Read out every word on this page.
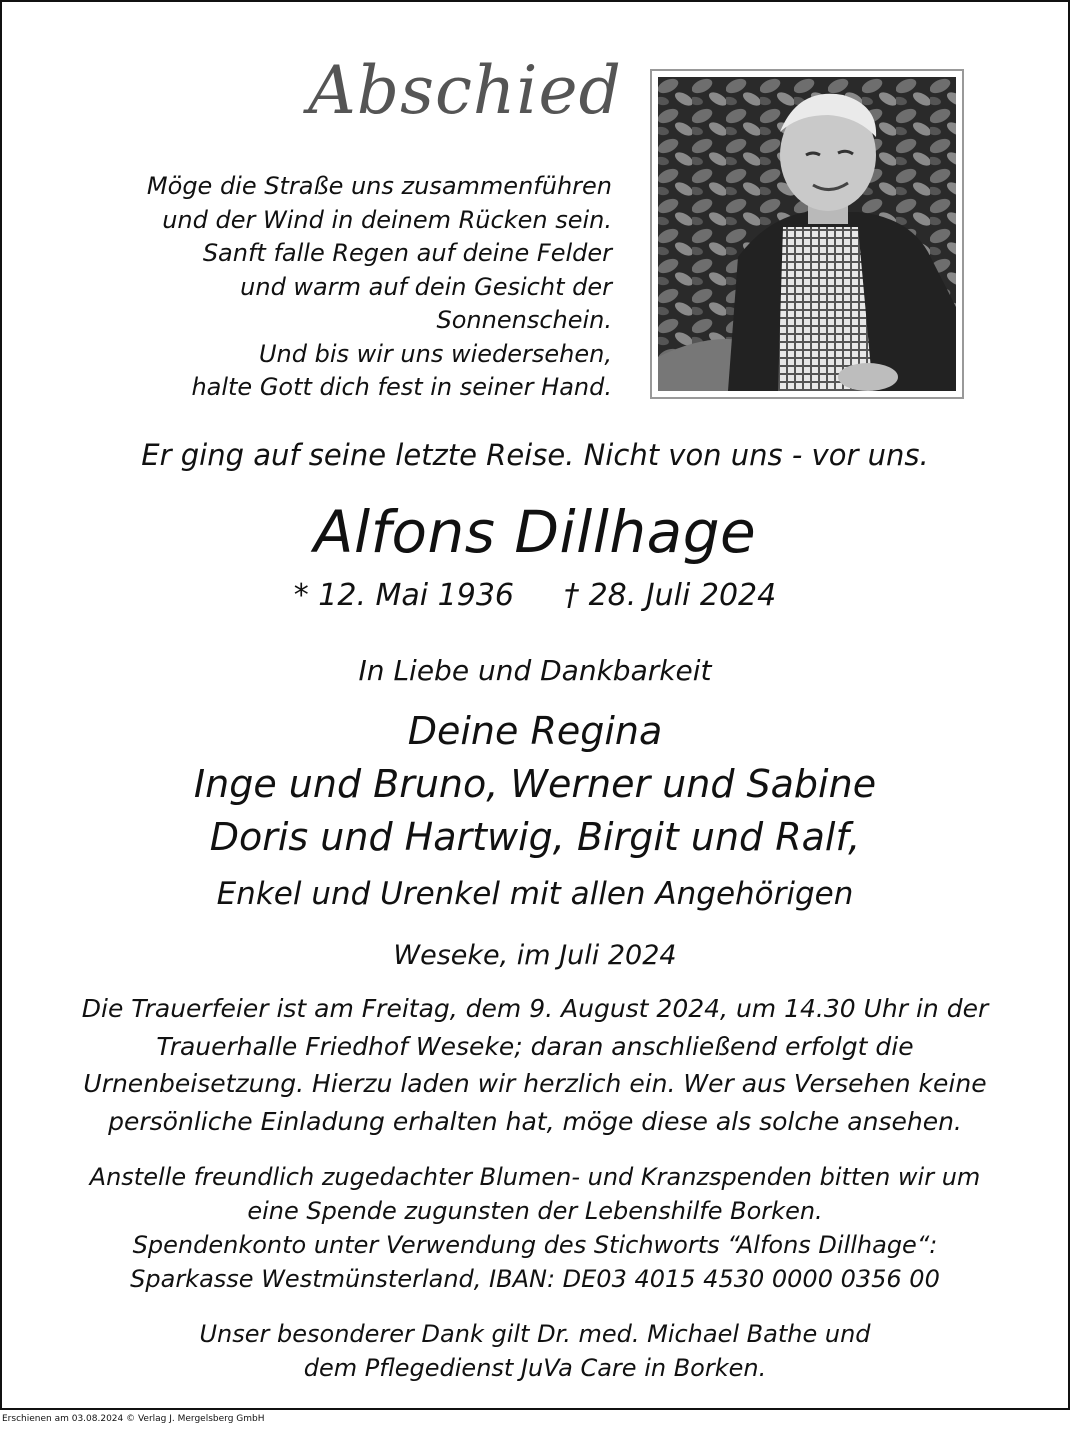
Abschied
Möge die Straße uns zusammenführen
und der Wind in deinem Rücken sein.
Sanft falle Regen auf deine Felder
und warm auf dein Gesicht der
Sonnenschein.
Und bis wir uns wiedersehen,
halte Gott dich fest in seiner Hand.
Er ging auf seine letzte Reise. Nicht von uns - vor uns.
Alfons Dillhage
* 12. Mai 1936 † 28. Juli 2024
In Liebe und Dankbarkeit
Deine Regina
Inge und Bruno, Werner und Sabine
Doris und Hartwig, Birgit und Ralf,
Enkel und Urenkel mit allen Angehörigen
Weseke, im Juli 2024
Die Trauerfeier ist am Freitag, dem 9. August 2024, um 14.30 Uhr in der
Trauerhalle Friedhof Weseke; daran anschließend erfolgt die
Urnenbeisetzung. Hierzu laden wir herzlich ein. Wer aus Versehen keine
persönliche Einladung erhalten hat, möge diese als solche ansehen.
Anstelle freundlich zugedachter Blumen- und Kranzspenden bitten wir um
eine Spende zugunsten der Lebenshilfe Borken.
Spendenkonto unter Verwendung des Stichworts “Alfons Dillhage“:
Sparkasse Westmünsterland, IBAN: DE03 4015 4530 0000 0356 00
Unser besonderer Dank gilt Dr. med. Michael Bathe und
dem Pflegedienst JuVa Care in Borken.
Erschienen am 03.08.2024 © Verlag J. Mergelsberg GmbH
